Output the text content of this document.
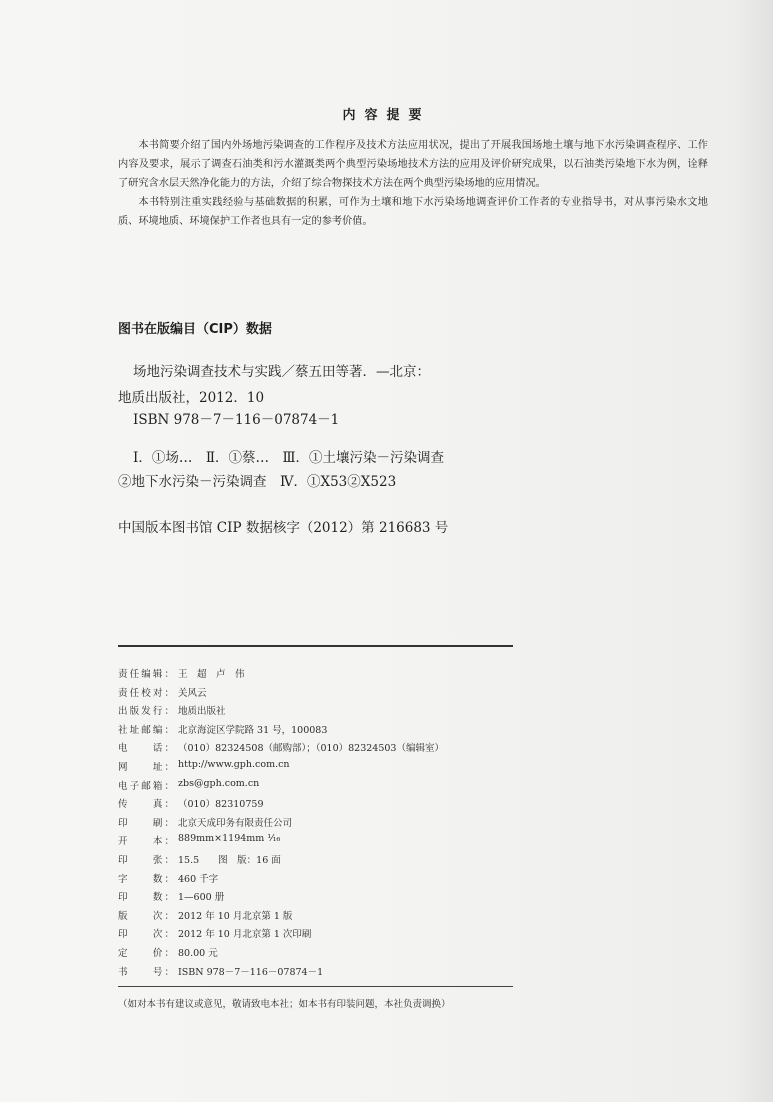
内容提要

本书简要介绍了国内外场地污染调查的工作程序及技术方法应用状况，提出了开展我国场地土壤与地下水污染调查程序、工作内容及要求，展示了调查石油类和污水灌溉类两个典型污染场地技术方法的应用及评价研究成果，以石油类污染地下水为例，诠释了研究含水层天然净化能力的方法，介绍了综合物探技术方法在两个典型污染场地的应用情况。

本书特别注重实践经验与基础数据的积累，可作为土壤和地下水污染场地调查评价工作者的专业指导书，对从事污染水文地质、环境地质、环境保护工作者也具有一定的参考价值。

图书在版编目（CIP）数据
场地污染调查技术与实践／蔡五田等著．—北京：
地质出版社，2012．10
ISBN 978－7－116－07874－1
Ⅰ．①场…　Ⅱ．①蔡…　Ⅲ．①土壤污染－污染调查
②地下水污染－污染调查　Ⅳ．①X53②X523
中国版本图书馆 CIP 数据核字（2012）第 216683 号
责任编辑： 王　超　卢　伟
责任校对： 关风云
出版发行： 地质出版社
社址邮编： 北京海淀区学院路 31 号，100083
电　　话： （010）82324508（邮购部）；（010）82324503（编辑室）
网　　址： http://www.gph.com.cn
电子邮箱： zbs@gph.com.cn
传　　真： （010）82310759
印　　刷： 北京天成印务有限责任公司
开　　本： 889mm×1194mm ¹⁄₁₆
印　　张： 15.5　　图　版：16 面
字　　数： 460 千字
印　　数： 1—600 册
版　　次： 2012 年 10 月北京第 1 版
印　　次： 2012 年 10 月北京第 1 次印刷
定　　价： 80.00 元
书　　号： ISBN 978－7－116－07874－1
（如对本书有建议或意见，敬请致电本社；如本书有印装问题，本社负责调换）
